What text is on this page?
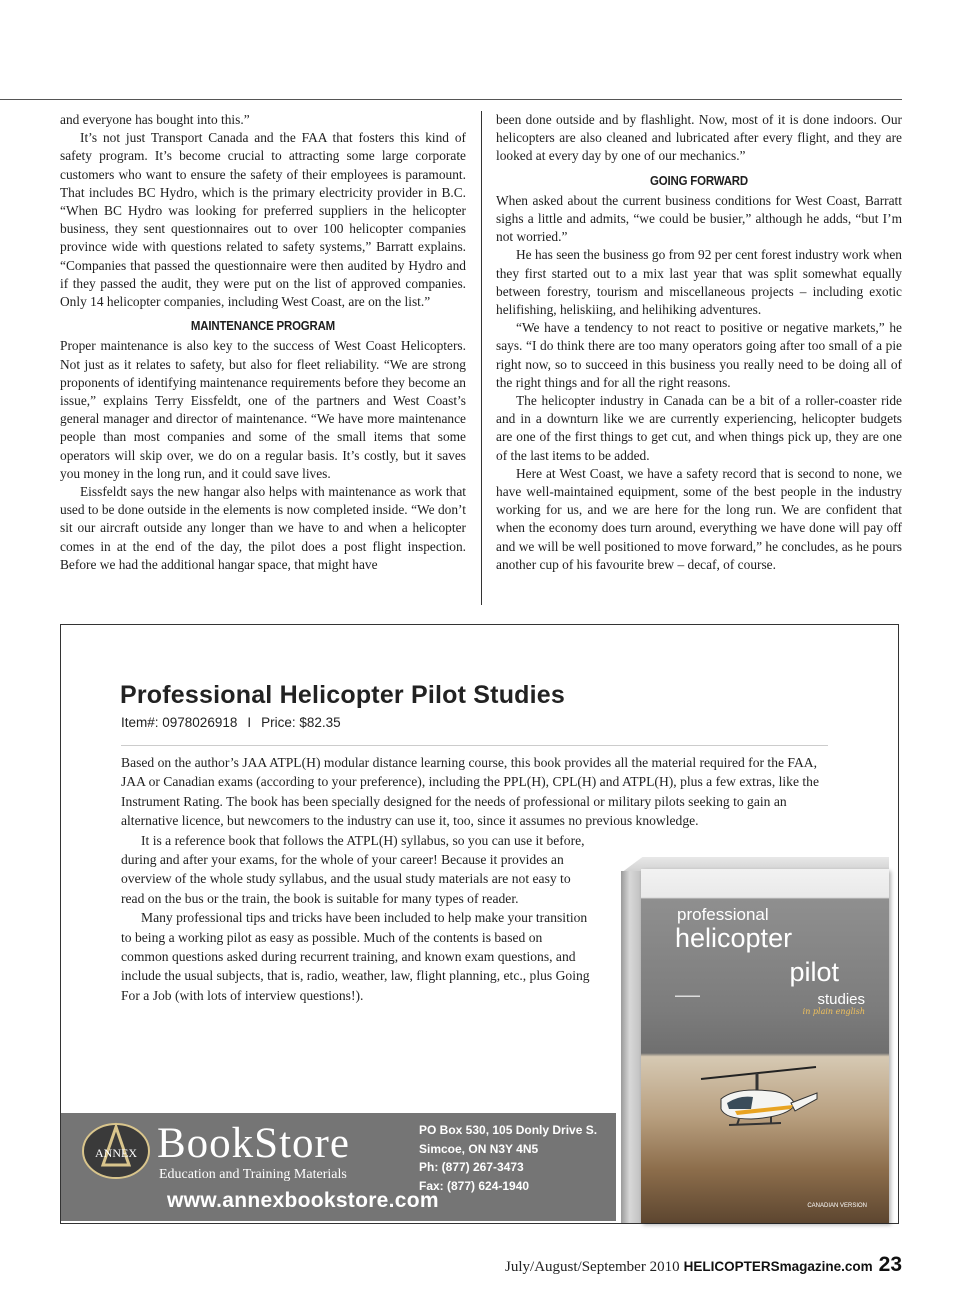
and everyone has bought into this.”

It’s not just Transport Canada and the FAA that fosters this kind of safety program. It’s become crucial to attracting some large corporate customers who want to ensure the safety of their employees is paramount. That includes BC Hydro, which is the primary electricity provider in B.C. “When BC Hydro was looking for preferred suppliers in the helicopter business, they sent questionnaires out to over 100 helicopter companies province wide with questions related to safety systems,” Barratt explains. “Companies that passed the questionnaire were then audited by Hydro and if they passed the audit, they were put on the list of approved companies. Only 14 helicopter companies, including West Coast, are on the list.”

MAINTENANCE PROGRAM

Proper maintenance is also key to the success of West Coast Helicopters. Not just as it relates to safety, but also for fleet reliability. “We are strong proponents of identifying maintenance requirements before they become an issue,” explains Terry Eissfeldt, one of the partners and West Coast’s general manager and director of maintenance. “We have more maintenance people than most companies and some of the small items that some operators will skip over, we do on a regular basis. It’s costly, but it saves you money in the long run, and it could save lives.

Eissfeldt says the new hangar also helps with maintenance as work that used to be done outside in the elements is now completed inside. “We don’t sit our aircraft outside any longer than we have to and when a helicopter comes in at the end of the day, the pilot does a post flight inspection. Before we had the additional hangar space, that might have

been done outside and by flashlight. Now, most of it is done indoors. Our helicopters are also cleaned and lubricated after every flight, and they are looked at every day by one of our mechanics.”

GOING FORWARD

When asked about the current business conditions for West Coast, Barratt sighs a little and admits, “we could be busier,” although he adds, “but I’m not worried.”

He has seen the business go from 92 per cent forest industry work when they first started out to a mix last year that was split somewhat equally between forestry, tourism and miscellaneous projects – including exotic helifishing, heliskiing, and helihiking adventures.

“We have a tendency to not react to positive or negative markets,” he says. “I do think there are too many operators going after too small of a pie right now, so to succeed in this business you really need to be doing all of the right things and for all the right reasons.

The helicopter industry in Canada can be a bit of a roller-coaster ride and in a downturn like we are currently experiencing, helicopter budgets are one of the first things to get cut, and when things pick up, they are one of the last items to be added.

Here at West Coast, we have a safety record that is second to none, we have well-maintained equipment, some of the best people in the industry working for us, and we are here for the long run. We are confident that when the economy does turn around, everything we have done will pay off and we will be well positioned to move forward,” he concludes, as he pours another cup of his favourite brew – decaf, of course.

Professional Helicopter Pilot Studies
Item#: 0978026918 I Price: $82.35

Based on the author’s JAA ATPL(H) modular distance learning course, this book provides all the material required for the FAA, JAA or Canadian exams (according to your preference), including the PPL(H), CPL(H) and ATPL(H), plus a few extras, like the Instrument Rating. The book has been specially designed for the needs of professional or military pilots seeking to gain an alternative licence, but newcomers to the industry can use it, too, since it assumes no previous knowledge.

It is a reference book that follows the ATPL(H) syllabus, so you can use it before, during and after your exams, for the whole of your career! Because it provides an overview of the whole study syllabus, and the usual study materials are not easy to read on the bus or the train, the book is suitable for many types of reader.

Many professional tips and tricks have been included to help make your transition to being a working pilot as easy as possible. Much of the contents is based on common questions asked during recurrent training, and known exam questions, and include the usual subjects, that is, radio, weather, law, flight planning, etc., plus Going For a Job (with lots of interview questions!).

professional
helicopter
▬▬▬▬▬
pilot
studies
in plain english
CANADIAN VERSION
ANNEX BookStore
Education and Training Materials
PO Box 530, 105 Donly Drive S.
Simcoe, ON N3Y 4N5
Ph: (877) 267-3473
Fax: (877) 624-1940
www.annexbookstore.com
July/August/September 2010 HELICOPTERSmagazine.com 23
